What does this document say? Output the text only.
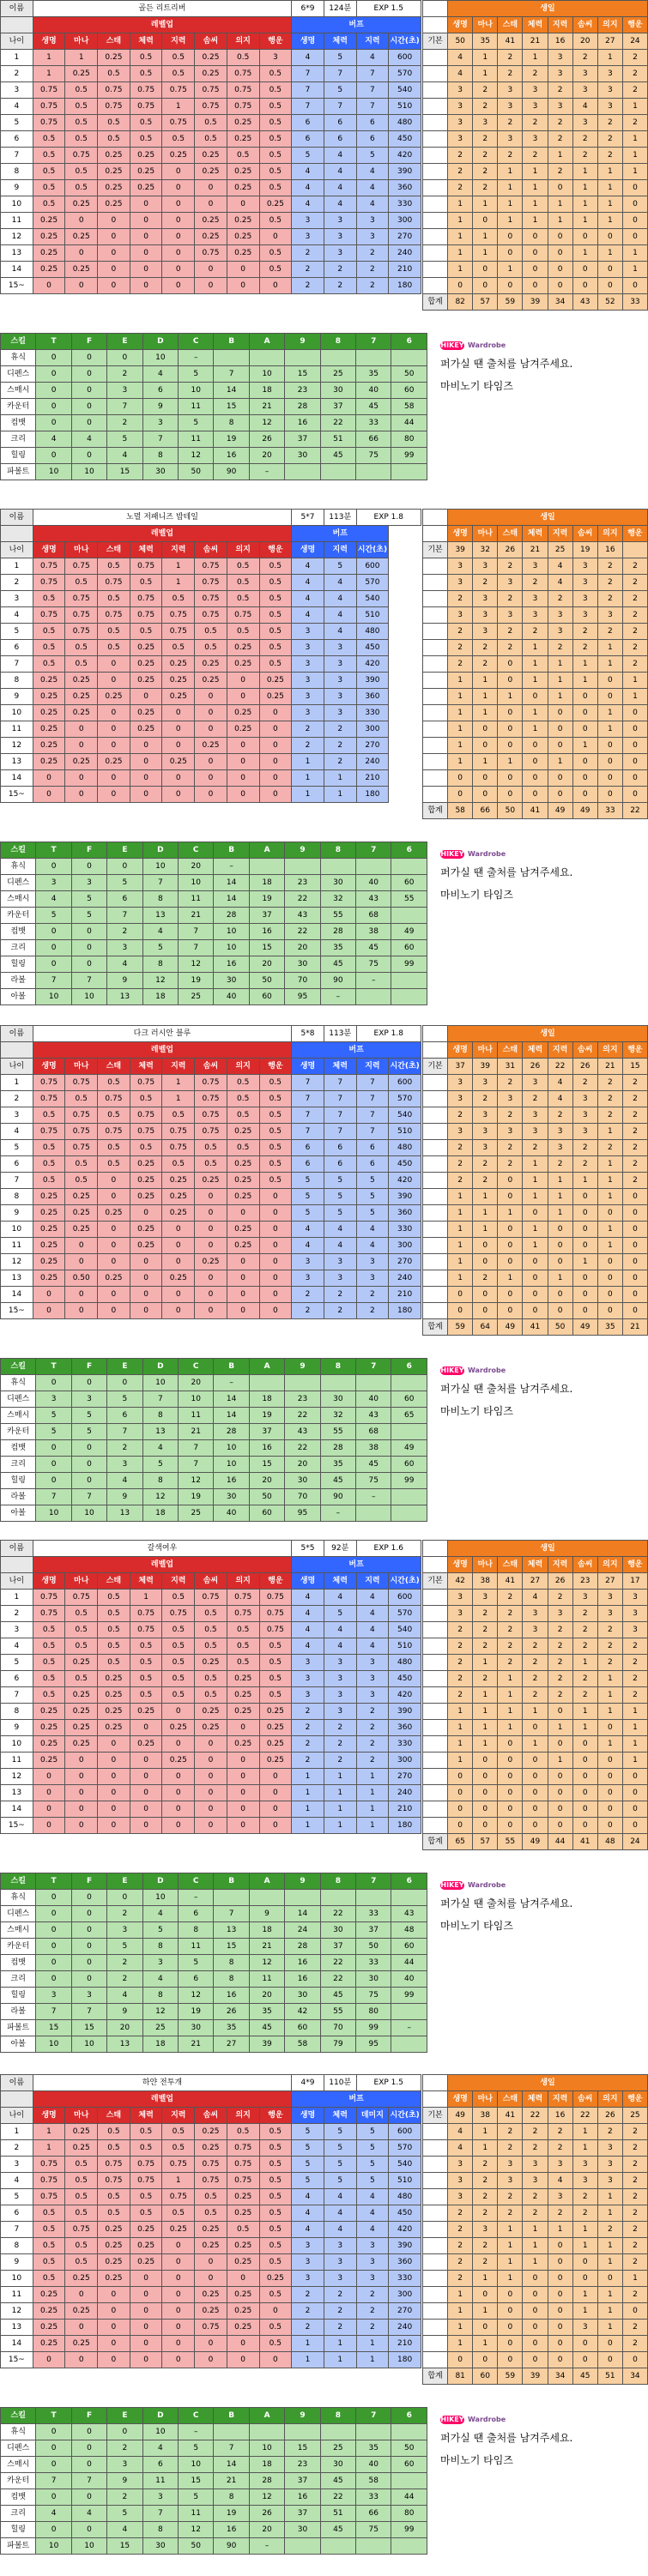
이름	골든 리트리버								6*9	124분	EXP 1.5	
	레벨업								버프			
나이	생명	마나	스태	체력	지력	솜씨	의지	행운	생명	체력	지력	시간(초)
1	1	1	0.25	0.5	0.5	0.25	0.5	3	4	5	4	600
2	1	0.25	0.5	0.5	0.5	0.25	0.75	0.5	7	7	7	570
3	0.75	0.5	0.75	0.75	0.75	0.75	0.75	0.5	7	5	7	540
4	0.75	0.5	0.75	0.75	1	0.75	0.75	0.5	7	7	7	510
5	0.75	0.5	0.5	0.5	0.75	0.5	0.25	0.5	6	6	6	480
6	0.5	0.5	0.5	0.5	0.5	0.5	0.25	0.5	6	6	6	450
7	0.5	0.75	0.25	0.25	0.25	0.25	0.5	0.5	5	4	5	420
8	0.5	0.5	0.25	0.25	0	0.25	0.25	0.5	4	4	4	390
9	0.5	0.5	0.25	0.25	0	0	0.25	0.5	4	4	4	360
10	0.5	0.25	0.25	0	0	0	0	0.25	4	4	4	330
11	0.25	0	0	0	0	0.25	0.25	0.5	3	3	3	300
12	0.25	0.25	0	0	0	0.25	0.25	0	3	3	3	270
13	0.25	0	0	0	0	0.75	0.25	0.5	2	3	2	240
14	0.25	0.25	0	0	0	0	0	0.5	2	2	2	210
15~	0	0	0	0	0	0	0	0	2	2	2	180
	생일							
	생명	마나	스태	체력	지력	솜씨	의지	행운
기본	50	35	41	21	16	20	27	24
	4	1	2	1	3	2	1	2
	4	1	2	2	3	3	3	2
	3	2	3	3	2	3	3	2
	3	2	3	3	3	4	3	1
	3	3	2	2	2	3	2	2
	3	2	3	3	2	2	2	1
	2	2	2	2	1	2	2	1
	2	2	1	1	2	1	1	1
	2	2	1	1	0	1	1	0
	1	1	1	1	1	1	1	0
	1	0	1	1	1	1	1	0
	1	1	0	0	0	0	0	0
	1	1	0	0	0	1	1	1
	1	0	1	0	0	0	0	1
	0	0	0	0	0	0	0	0
합계	82	57	59	39	34	43	52	33
스킬	T	F	E	D	C	B	A	9	8	7	6
휴식	0	0	0	10	–						
디펜스	0	0	2	4	5	7	10	15	25	35	50
스매시	0	0	3	6	10	14	18	23	30	40	60
카운터	0	0	7	9	11	15	21	28	37	45	58
컴뱃	0	0	2	3	5	8	12	16	22	33	44
크리	4	4	5	7	11	19	26	37	51	66	80
힐링	0	0	4	8	12	16	20	30	45	75	99
파볼트	10	10	15	30	50	90	–				
HIKEY Wardrobe

퍼가실 땐 출처를 남겨주세요.

마비노기 타임즈

이름	노멀 저패니즈 밥테일								5*7	113분	EXP 1.8
	레벨업								버프		
나이	생명	마나	스태	체력	지력	솜씨	의지	행운	생명	지력	시간(초)
1	0.75	0.75	0.5	0.75	1	0.75	0.5	0.5	4	5	600
2	0.75	0.5	0.75	0.5	1	0.75	0.5	0.5	4	4	570
3	0.5	0.75	0.5	0.75	0.5	0.75	0.5	0.5	4	4	540
4	0.75	0.75	0.75	0.75	0.75	0.75	0.75	0.5	4	4	510
5	0.5	0.75	0.5	0.5	0.75	0.5	0.5	0.5	3	4	480
6	0.5	0.5	0.5	0.25	0.5	0.5	0.25	0.5	3	3	450
7	0.5	0.5	0	0.25	0.25	0.25	0.25	0.5	3	3	420
8	0.25	0.25	0	0.25	0.25	0.25	0	0.25	3	3	390
9	0.25	0.25	0.25	0	0.25	0	0	0.25	3	3	360
10	0.25	0.25	0	0.25	0	0	0.25	0	3	3	330
11	0.25	0	0	0.25	0	0	0.25	0	2	2	300
12	0.25	0	0	0	0	0.25	0	0	2	2	270
13	0.25	0.25	0.25	0	0.25	0	0	0	1	2	240
14	0	0	0	0	0	0	0	0	1	1	210
15~	0	0	0	0	0	0	0	0	1	1	180
	생일							
	생명	마나	스태	체력	지력	솜씨	의지	행운
기본	39	32	26	21	25	19	16	
	3	3	2	3	4	3	2	2
	3	2	3	2	4	3	2	2
	2	3	2	3	2	3	2	2
	3	3	3	3	3	3	3	2
	2	3	2	2	3	2	2	2
	2	2	2	1	2	2	1	2
	2	2	0	1	1	1	1	2
	1	1	0	1	1	1	0	1
	1	1	1	0	1	0	0	1
	1	1	0	1	0	0	1	0
	1	0	0	1	0	0	1	0
	1	0	0	0	0	1	0	0
	1	1	1	0	1	0	0	0
	0	0	0	0	0	0	0	0
	0	0	0	0	0	0	0	0
합계	58	66	50	41	49	49	33	22
스킬	T	F	E	D	C	B	A	9	8	7	6
휴식	0	0	0	10	20	–					
디펜스	3	3	5	7	10	14	18	23	30	40	60
스매시	4	5	6	8	11	14	19	22	32	43	55
카운터	5	5	7	13	21	28	37	43	55	68	
컴뱃	0	0	2	4	7	10	16	22	28	38	49
크리	0	0	3	5	7	10	15	20	35	45	60
힐링	0	0	4	8	12	16	20	30	45	75	99
라볼	7	7	9	12	19	30	50	70	90	–	
아볼	10	10	13	18	25	40	60	95	–		
HIKEY Wardrobe

퍼가실 땐 출처를 남겨주세요.

마비노기 타임즈

이름	다크 러시안 블루								5*8	113분	EXP 1.8	
	레벨업								버프			
나이	생명	마나	스태	체력	지력	솜씨	의지	행운	생명	체력	지력	시간(초)
1	0.75	0.75	0.5	0.75	1	0.75	0.5	0.5	7	7	7	600
2	0.75	0.5	0.75	0.5	1	0.75	0.5	0.5	7	7	7	570
3	0.5	0.75	0.5	0.75	0.5	0.75	0.5	0.5	7	7	7	540
4	0.75	0.75	0.75	0.75	0.75	0.75	0.25	0.5	7	7	7	510
5	0.5	0.75	0.5	0.5	0.75	0.5	0.5	0.5	6	6	6	480
6	0.5	0.5	0.5	0.25	0.5	0.5	0.25	0.5	6	6	6	450
7	0.5	0.5	0	0.25	0.25	0.25	0.25	0.5	5	5	5	420
8	0.25	0.25	0	0.25	0.25	0	0.25	0	5	5	5	390
9	0.25	0.25	0.25	0	0.25	0	0	0	5	5	5	360
10	0.25	0.25	0	0.25	0	0	0.25	0	4	4	4	330
11	0.25	0	0	0.25	0	0	0.25	0	4	4	4	300
12	0.25	0	0	0	0	0.25	0	0	3	3	3	270
13	0.25	0.50	0.25	0	0.25	0	0	0	3	3	3	240
14	0	0	0	0	0	0	0	0	2	2	2	210
15~	0	0	0	0	0	0	0	0	2	2	2	180
	생일							
	생명	마나	스태	체력	지력	솜씨	의지	행운
기본	37	39	31	26	22	26	21	15
	3	3	2	3	4	2	2	2
	3	2	3	2	4	3	2	2
	2	3	2	3	2	3	2	2
	3	3	3	3	3	3	1	2
	2	3	2	2	3	2	2	2
	2	2	2	1	2	2	1	2
	2	2	0	1	1	1	1	2
	1	1	0	1	1	0	1	0
	1	1	1	0	1	0	0	0
	1	1	0	1	0	0	1	0
	1	0	0	1	0	0	1	0
	1	0	0	0	0	1	0	0
	1	2	1	0	1	0	0	0
	0	0	0	0	0	0	0	0
	0	0	0	0	0	0	0	0
합계	59	64	49	41	50	49	35	21
스킬	T	F	E	D	C	B	A	9	8	7	6
휴식	0	0	0	10	20	–					
디펜스	3	3	5	7	10	14	18	23	30	40	60
스매시	5	5	6	8	11	14	19	22	32	43	65
카운터	5	5	7	13	21	28	37	43	55	68	
컴뱃	0	0	2	4	7	10	16	22	28	38	49
크리	0	0	3	5	7	10	15	20	35	45	60
힐링	0	0	4	8	12	16	20	30	45	75	99
라볼	7	7	9	12	19	30	50	70	90	–	
아볼	10	10	13	18	25	40	60	95	–		
HIKEY Wardrobe

퍼가실 땐 출처를 남겨주세요.

마비노기 타임즈

이름	갈색여우								5*5	92분	EXP 1.6	
	레벨업								버프			
나이	생명	마나	스태	체력	지력	솜씨	의지	행운	생명	체력	지력	시간(초)
1	0.75	0.75	0.5	1	0.5	0.75	0.75	0.75	4	4	4	600
2	0.75	0.5	0.5	0.75	0.75	0.5	0.75	0.75	4	5	4	570
3	0.5	0.5	0.5	0.75	0.5	0.5	0.5	0.75	4	4	4	540
4	0.5	0.5	0.5	0.5	0.5	0.5	0.5	0.5	4	4	4	510
5	0.5	0.25	0.5	0.5	0.5	0.25	0.5	0.5	3	3	3	480
6	0.5	0.5	0.25	0.5	0.5	0.5	0.25	0.5	3	3	3	450
7	0.5	0.25	0.25	0.5	0.5	0.5	0.25	0.5	3	3	3	420
8	0.25	0.25	0.25	0.25	0	0.25	0.25	0.25	2	3	2	390
9	0.25	0.25	0.25	0	0.25	0.25	0	0.25	2	2	2	360
10	0.25	0.25	0	0.25	0	0	0.25	0.25	2	2	2	330
11	0.25	0	0	0	0.25	0	0	0.25	2	2	2	300
12	0	0	0	0	0	0	0	0	1	1	1	270
13	0	0	0	0	0	0	0	0	1	1	1	240
14	0	0	0	0	0	0	0	0	1	1	1	210
15~	0	0	0	0	0	0	0	0	1	1	1	180
	생일							
	생명	마나	스태	체력	지력	솜씨	의지	행운
기본	42	38	41	27	26	23	27	17
	3	3	2	4	2	3	3	3
	3	2	2	3	3	2	3	3
	2	2	2	3	2	2	2	3
	2	2	2	2	2	2	2	2
	2	1	2	2	2	1	2	2
	2	2	1	2	2	2	1	2
	2	1	1	2	2	2	1	2
	1	1	1	1	0	1	1	1
	1	1	1	0	1	1	0	1
	1	1	0	1	0	0	1	1
	1	0	0	0	1	0	0	1
	0	0	0	0	0	0	0	0
	0	0	0	0	0	0	0	0
	0	0	0	0	0	0	0	0
	0	0	0	0	0	0	0	0
합계	65	57	55	49	44	41	48	24
스킬	T	F	E	D	C	B	A	9	8	7	6
휴식	0	0	0	10	–						
디펜스	0	0	2	4	6	7	9	14	22	33	43
스매시	0	0	3	5	8	13	18	24	30	37	48
카운터	0	0	5	8	11	15	21	28	37	50	60
컴뱃	0	0	2	3	5	8	12	16	22	33	44
크리	0	0	2	4	6	8	11	16	22	30	40
힐링	3	3	4	8	12	16	20	30	45	75	99
라볼	7	7	9	12	19	26	35	42	55	80	
파볼트	15	15	20	25	30	35	45	60	70	99	–
아볼	10	10	13	18	21	27	39	58	79	95	
HIKEY Wardrobe

퍼가실 땐 출처를 남겨주세요.

마비노기 타임즈

이름	하얀 전투개								4*9	110분	EXP 1.5	
	레벨업								버프			
나이	생명	마나	스태	체력	지력	솜씨	의지	행운	생명	체력	데미지	시간(초)
1	1	0.25	0.5	0.5	0.5	0.25	0.5	0.5	5	5	5	600
2	1	0.25	0.5	0.5	0.5	0.25	0.75	0.5	5	5	5	570
3	0.75	0.5	0.75	0.75	0.75	0.75	0.75	0.5	5	5	5	540
4	0.75	0.5	0.75	0.75	1	0.75	0.75	0.5	5	5	5	510
5	0.75	0.5	0.5	0.5	0.75	0.5	0.25	0.5	4	4	4	480
6	0.5	0.5	0.5	0.5	0.5	0.5	0.25	0.5	4	4	4	450
7	0.5	0.75	0.25	0.25	0.25	0.25	0.5	0.5	4	4	4	420
8	0.5	0.5	0.25	0.25	0	0.25	0.25	0.5	3	3	3	390
9	0.5	0.5	0.25	0.25	0	0	0.25	0.5	3	3	3	360
10	0.5	0.25	0.25	0	0	0	0	0.25	3	3	3	330
11	0.25	0	0	0	0	0.25	0.25	0.5	2	2	2	300
12	0.25	0.25	0	0	0	0.25	0.25	0	2	2	2	270
13	0.25	0	0	0	0	0.75	0.25	0.5	2	2	2	240
14	0.25	0.25	0	0	0	0	0	0.5	1	1	1	210
15~	0	0	0	0	0	0	0	0	1	1	1	180
	생일							
	생명	마나	스태	체력	지력	솜씨	의지	행운
기본	49	38	41	22	16	22	26	25
	4	1	2	2	2	1	2	2
	4	1	2	2	2	1	3	2
	3	2	3	3	3	3	3	2
	3	2	3	3	4	3	3	2
	3	2	2	2	3	2	1	2
	2	2	2	2	2	2	1	2
	2	3	1	1	1	1	2	2
	2	2	1	1	0	1	1	2
	2	2	1	1	0	0	1	2
	2	1	1	0	0	0	0	1
	1	0	0	0	0	1	1	2
	1	1	0	0	0	1	1	0
	1	0	0	0	0	3	1	2
	1	1	0	0	0	0	0	2
	0	0	0	0	0	0	0	0
합계	81	60	59	39	34	45	51	34
스킬	T	F	E	D	C	B	A	9	8	7	6
휴식	0	0	0	10	–						
디펜스	0	0	2	4	5	7	10	15	25	35	50
스매시	0	0	3	6	10	14	18	23	30	40	60
카운터	7	7	9	11	15	21	28	37	45	58	
컴뱃	0	0	2	3	5	8	12	16	22	33	44
크리	4	4	5	7	11	19	26	37	51	66	80
힐링	0	0	4	8	12	16	20	30	45	75	99
파볼트	10	10	15	30	50	90	–				
HIKEY Wardrobe

퍼가실 땐 출처를 남겨주세요.

마비노기 타임즈
